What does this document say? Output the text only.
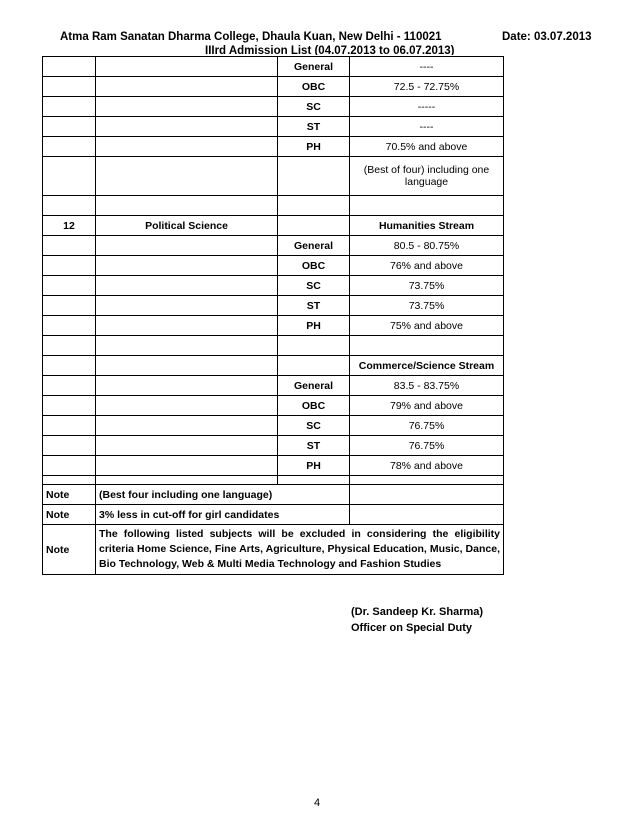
Atma Ram Sanatan Dharma College, Dhaula Kuan, New Delhi - 110021	Date: 03.07.2013
IIIrd Admission List (04.07.2013 to 06.07.2013)
		General	----
		OBC	72.5 - 72.75%
		SC	-----
		ST	----
		PH	70.5% and above
			(Best of four) including one language

12	Political Science		Humanities Stream
		General	80.5 - 80.75%
		OBC	76% and above
		SC	73.75%
		ST	73.75%
		PH	75% and above

			Commerce/Science Stream
		General	83.5 - 83.75%
		OBC	79% and above
		SC	76.75%
		ST	76.75%
		PH	78% and above

Note	(Best four including one language)		
Note	3% less in cut-off for girl candidates		
Note	The following listed subjects will be excluded in considering the eligibility criteria Home Science, Fine Arts, Agriculture, Physical Education, Music, Dance, Bio Technology, Web & Multi Media Technology and Fashion Studies		
(Dr. Sandeep Kr. Sharma)
Officer on Special Duty
4
